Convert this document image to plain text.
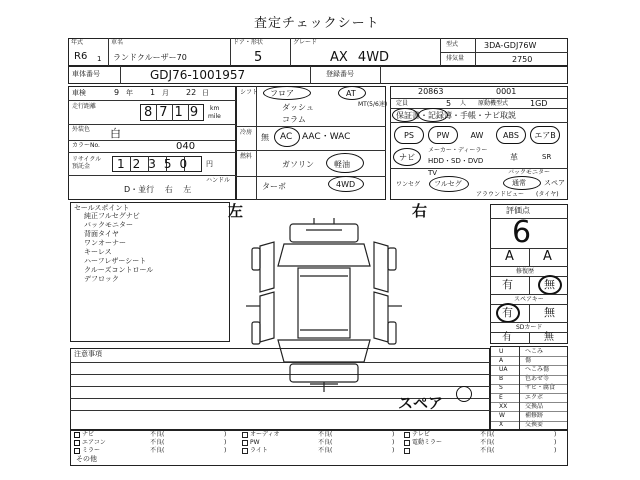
査定チェックシート
年式
R6 1
車名
ランドクルーザー70
ドア・形状
5
グレード
AX 4WD
型式	3DA-GDJ76W
排気量	2750
車体番号	GDJ76-1001957	登録番号
車検	9 年 1 月 22 日
走行距離	8719 km
mile
外装色 白
カラーNo.	040
リサイクル 預託金	12350 円
ハンドル
D・並行 右 左
シフト フロア	AT
ダッシュ	MT(5/6速)
コラム
冷房
無 AC AAC・WAC
燃料
ガソリン	軽油
ターボ	4WD
定員	5 人 原動機型式	1GD
20863	0001
保証書・記録簿・手帳・ナビ取説
PS	PW	AW	ABS	エアB
ナビ
メーカー・ディーラー
HDD・SD・DVD	革	SR
TV	バックモニター
ワンセグ フルセグ
アラウンドビュー
通常	スペア
(タイヤ)
セールスポイント
純正フルセグナビ
バックモニター
背面タイヤ
ワンオーナー
キーレス
ハーフレザーシート
クルーズコントロール
デフロック
注意事項
左	右
スペア
評価点
6
A A
修復歴
有	無
スペアキー
有	無
SDカード
有	無
U	へこみ
A	傷
UA	へこみ傷
B	色あせ等
S	サビ・腐食
E	エクボ
XX	交換品
W	補修跡
X	交換要
ナビ	不良(	)	オーディオ	不良(	)	テレビ	不良(	)
エアコン	不良(	)	PW	不良(	)	電動ミラー	不良(	)
ミラー	不良(	)	ライト	不良(	)	不良(	)
その他
